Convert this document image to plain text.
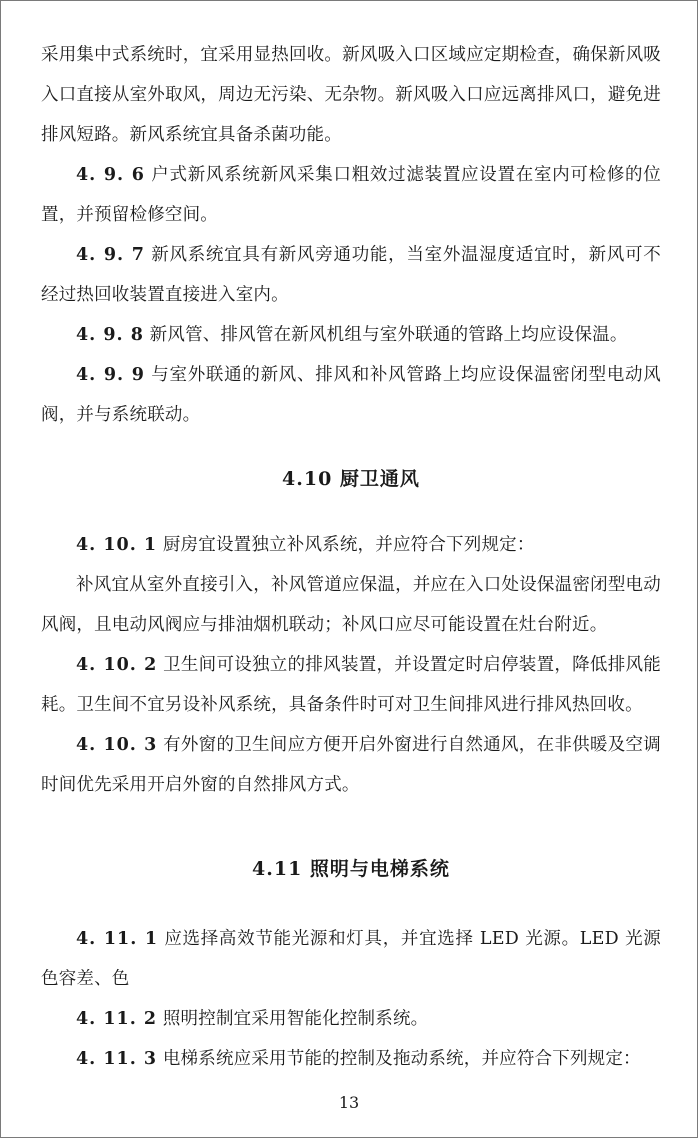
采用集中式系统时，宜采用显热回收。新风吸入口区域应定期检查，确保新风吸入口直接从室外取风，周边无污染、无杂物。新风吸入口应远离排风口，避免进排风短路。新风系统宜具备杀菌功能。

4. 9. 6 户式新风系统新风采集口粗效过滤装置应设置在室内可检修的位置，并预留检修空间。

4. 9. 7 新风系统宜具有新风旁通功能，当室外温湿度适宜时，新风可不经过热回收装置直接进入室内。

4. 9. 8 新风管、排风管在新风机组与室外联通的管路上均应设保温。

4. 9. 9 与室外联通的新风、排风和补风管路上均应设保温密闭型电动风阀，并与系统联动。

4.10 厨卫通风

4. 10. 1 厨房宜设置独立补风系统，并应符合下列规定：

补风宜从室外直接引入，补风管道应保温，并应在入口处设保温密闭型电动风阀，且电动风阀应与排油烟机联动；补风口应尽可能设置在灶台附近。

4. 10. 2 卫生间可设独立的排风装置，并设置定时启停装置，降低排风能耗。卫生间不宜另设补风系统，具备条件时可对卫生间排风进行排风热回收。

4. 10. 3 有外窗的卫生间应方便开启外窗进行自然通风，在非供暖及空调时间优先采用开启外窗的自然排风方式。

4.11 照明与电梯系统

4. 11. 1 应选择高效节能光源和灯具，并宜选择 LED 光源。LED 光源色容差、色

4. 11. 2 照明控制宜采用智能化控制系统。

4. 11. 3 电梯系统应采用节能的控制及拖动系统，并应符合下列规定：

13
